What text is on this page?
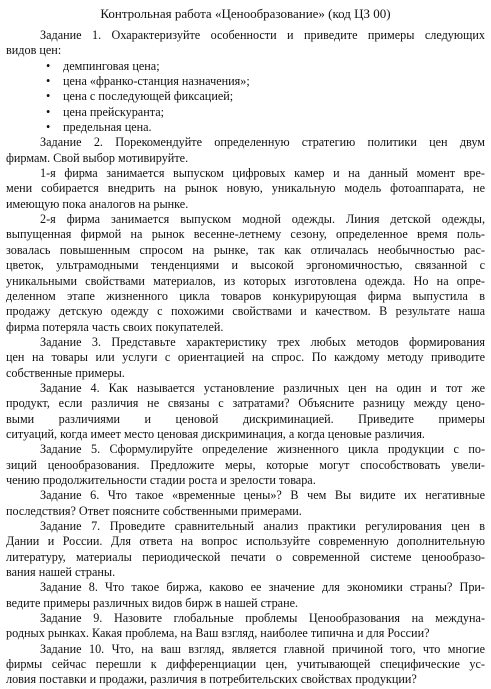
Контрольная работа «Ценообразование» (код ЦЗ 00)
Задание 1. Охарактеризуйте особенности и приведите примеры следующих
видов цен:
• демпинговая цена;
• цена «франко-станция назначения»;
• цена с последующей фиксацией;
• цена прейскуранта;
• предельная цена.
Задание 2. Порекомендуйте определенную стратегию политики цен двум
фирмам. Свой выбор мотивируйте.
1-я фирма занимается выпуском цифровых камер и на данный момент вре-
мени собирается внедрить на рынок новую, уникальную модель фотоаппарата, не
имеющую пока аналогов на рынке.
2-я фирма занимается выпуском модной одежды. Линия детской одежды,
выпущенная фирмой на рынок весенне-летнему сезону, определенное время поль-
зовалась повышенным спросом на рынке, так как отличалась необычностью рас-
цветок, ультрамодными тенденциями и высокой эргономичностью, связанной с
уникальными свойствами материалов, из которых изготовлена одежда. Но на опре-
деленном этапе жизненного цикла товаров конкурирующая фирма выпустила в
продажу детскую одежду с похожими свойствами и качеством. В результате наша
фирма потеряла часть своих покупателей.
Задание 3. Представьте характеристику трех любых методов формирования
цен на товары или услуги с ориентацией на спрос. По каждому методу приводите
собственные примеры.
Задание 4. Как называется установление различных цен на один и тот же
продукт, если различия не связаны с затратами? Объясните разницу между цено-
выми различиями и ценовой дискриминацией. Приведите примеры
ситуаций, когда имеет место ценовая дискриминация, а когда ценовые различия.
Задание 5. Сформулируйте определение жизненного цикла продукции с по-
зиций ценообразования. Предложите меры, которые могут способствовать увели-
чению продолжительности стадии роста и зрелости товара.
Задание 6. Что такое «временные цены»? В чем Вы видите их негативные
последствия? Ответ поясните собственными примерами.
Задание 7. Проведите сравнительный анализ практики регулирования цен в
Дании и России. Для ответа на вопрос используйте современную дополнительную
литературу, материалы периодической печати о современной системе ценообразо-
вания нашей страны.
Задание 8. Что такое биржа, каково ее значение для экономики страны? При-
ведите примеры различных видов бирж в нашей стране.
Задание 9. Назовите глобальные проблемы Ценообразования на междуна-
родных рынках. Какая проблема, на Ваш взгляд, наиболее типична и для России?
Задание 10. Что, на ваш взгляд, является главной причиной того, что многие
фирмы сейчас перешли к дифференциации цен, учитывающей специфические ус-
ловия поставки и продажи, различия в потребительских свойствах продукции?
